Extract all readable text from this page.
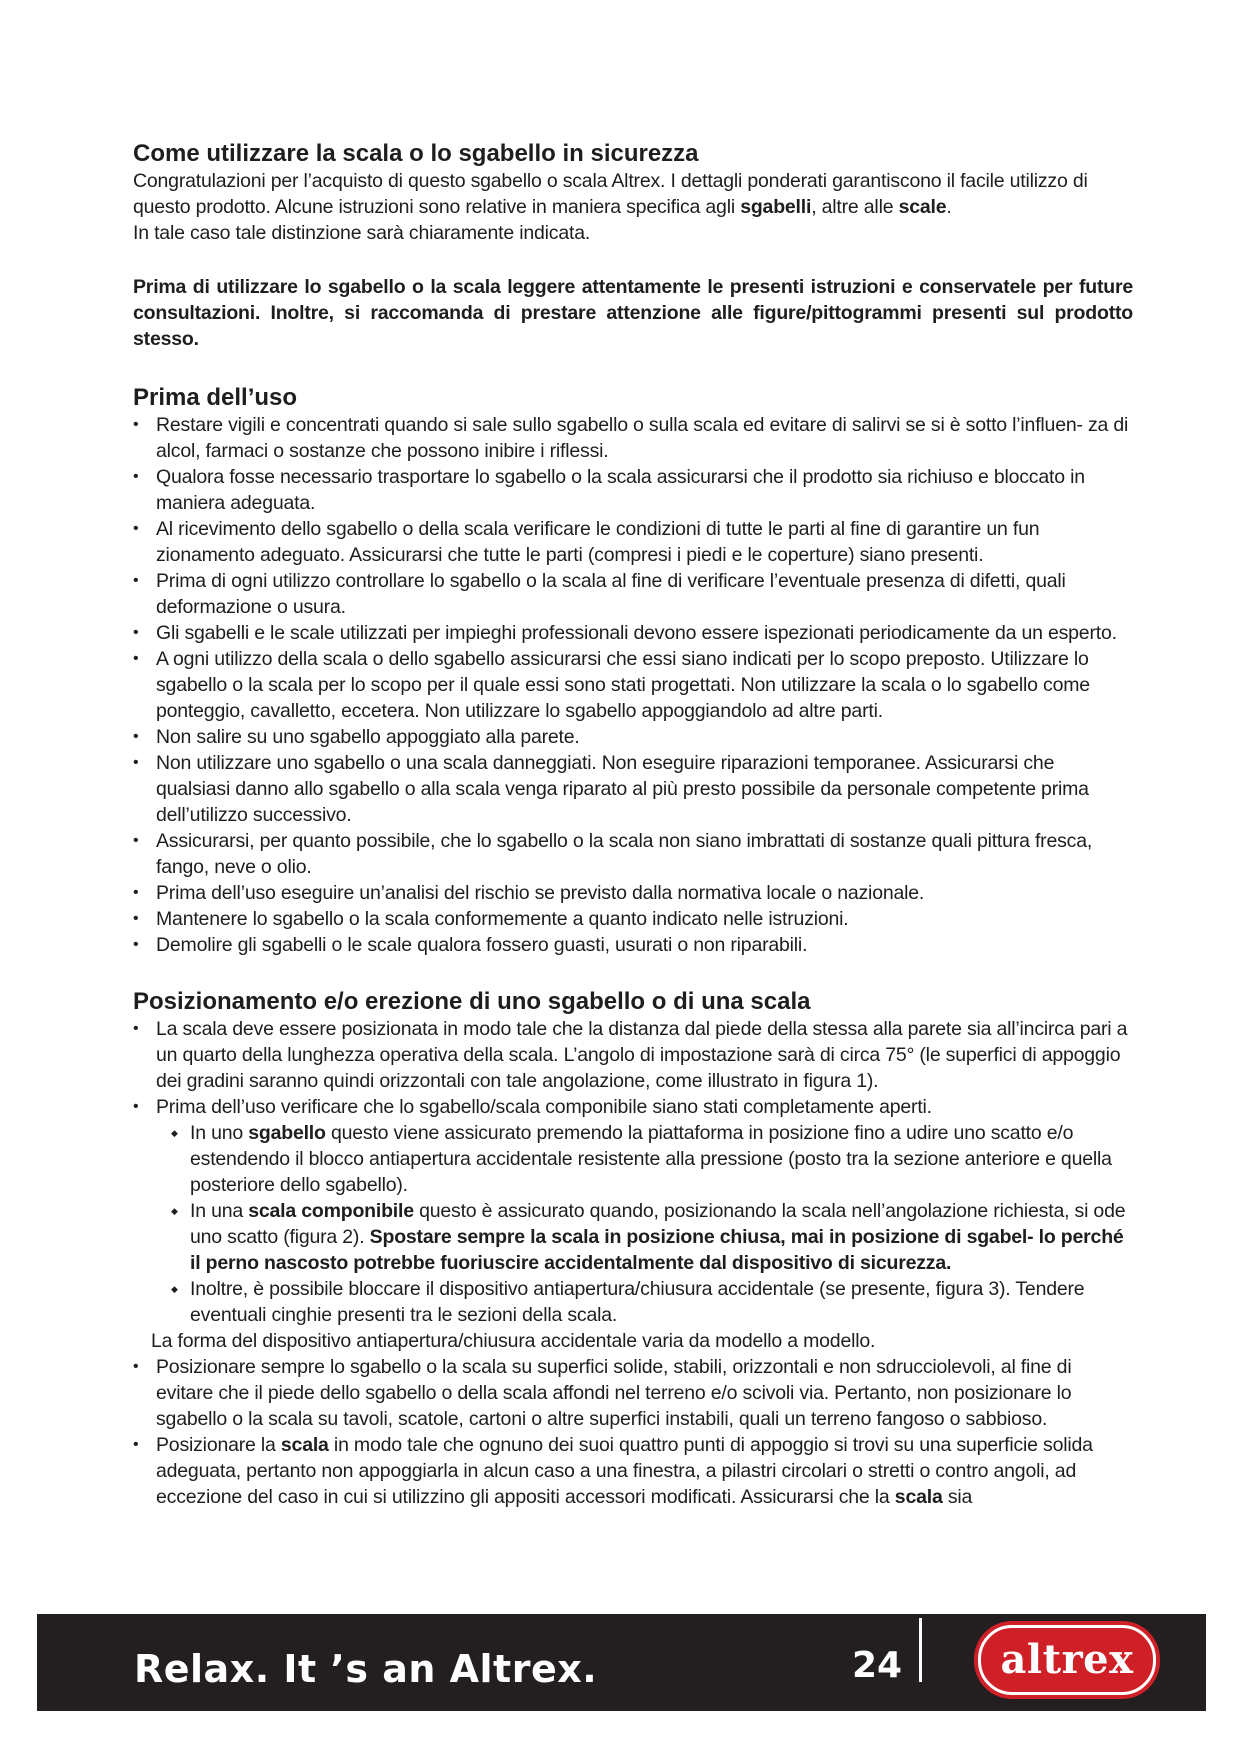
Come utilizzare la scala o lo sgabello in sicurezza

Congratulazioni per l’acquisto di questo sgabello o scala Altrex. I dettagli ponderati garantiscono il facile utilizzo di questo prodotto. Alcune istruzioni sono relative in maniera specifica agli sgabelli, altre alle scale.
In tale caso tale distinzione sarà chiaramente indicata.

Prima di utilizzare lo sgabello o la scala leggere attentamente le presenti istruzioni e conservatele per future consultazioni. Inoltre, si raccomanda di prestare attenzione alle figure/pittogrammi presenti sul prodotto stesso.

Prima dell’uso
• Restare vigili e concentrati quando si sale sullo sgabello o sulla scala ed evitare di salirvi se si è sotto l’influen- za di alcol, farmaci o sostanze che possono inibire i riflessi.
• Qualora fosse necessario trasportare lo sgabello o la scala assicurarsi che il prodotto sia richiuso e bloccato in maniera adeguata.
• Al ricevimento dello sgabello o della scala verificare le condizioni di tutte le parti al fine di garantire un fun zionamento adeguato. Assicurarsi che tutte le parti (compresi i piedi e le coperture) siano presenti.
• Prima di ogni utilizzo controllare lo sgabello o la scala al fine di verificare l’eventuale presenza di difetti, quali deformazione o usura.
• Gli sgabelli e le scale utilizzati per impieghi professionali devono essere ispezionati periodicamente da un esperto.
• A ogni utilizzo della scala o dello sgabello assicurarsi che essi siano indicati per lo scopo preposto. Utilizzare lo sgabello o la scala per lo scopo per il quale essi sono stati progettati. Non utilizzare la scala o lo sgabello come ponteggio, cavalletto, eccetera. Non utilizzare lo sgabello appoggiandolo ad altre parti.
• Non salire su uno sgabello appoggiato alla parete.
• Non utilizzare uno sgabello o una scala danneggiati. Non eseguire riparazioni temporanee. Assicurarsi che qualsiasi danno allo sgabello o alla scala venga riparato al più presto possibile da personale competente prima dell’utilizzo successivo.
• Assicurarsi, per quanto possibile, che lo sgabello o la scala non siano imbrattati di sostanze quali pittura fresca, fango, neve o olio.
• Prima dell’uso eseguire un’analisi del rischio se previsto dalla normativa locale o nazionale.
• Mantenere lo sgabello o la scala conformemente a quanto indicato nelle istruzioni.
• Demolire gli sgabelli o le scale qualora fossero guasti, usurati o non riparabili.
Posizionamento e/o erezione di uno sgabello o di una scala
• La scala deve essere posizionata in modo tale che la distanza dal piede della stessa alla parete sia all’incirca pari a un quarto della lunghezza operativa della scala. L’angolo di impostazione sarà di circa 75° (le superfici di appoggio dei gradini saranno quindi orizzontali con tale angolazione, come illustrato in figura 1).
• Prima dell’uso verificare che lo sgabello/scala componibile siano stati completamente aperti.
◆ In uno sgabello questo viene assicurato premendo la piattaforma in posizione fino a udire uno scatto e/o estendendo il blocco antiapertura accidentale resistente alla pressione (posto tra la sezione anteriore e quella posteriore dello sgabello).
◆ In una scala componibile questo è assicurato quando, posizionando la scala nell’angolazione richiesta, si ode uno scatto (figura 2). Spostare sempre la scala in posizione chiusa, mai in posizione di sgabel- lo perché il perno nascosto potrebbe fuoriuscire accidentalmente dal dispositivo di sicurezza.
◆ Inoltre, è possibile bloccare il dispositivo antiapertura/chiusura accidentale (se presente, figura 3). Tendere eventuali cinghie presenti tra le sezioni della scala.

La forma del dispositivo antiapertura/chiusura accidentale varia da modello a modello.

• Posizionare sempre lo sgabello o la scala su superfici solide, stabili, orizzontali e non sdrucciolevoli, al fine di evitare che il piede dello sgabello o della scala affondi nel terreno e/o scivoli via. Pertanto, non posizionare lo sgabello o la scala su tavoli, scatole, cartoni o altre superfici instabili, quali un terreno fangoso o sabbioso.
• Posizionare la scala in modo tale che ognuno dei suoi quattro punti di appoggio si trovi su una superficie solida adeguata, pertanto non appoggiarla in alcun caso a una finestra, a pilastri circolari o stretti o contro angoli, ad eccezione del caso in cui si utilizzino gli appositi accessori modificati. Assicurarsi che la scala sia
Relax. It ’s an Altrex.	24 altrex
